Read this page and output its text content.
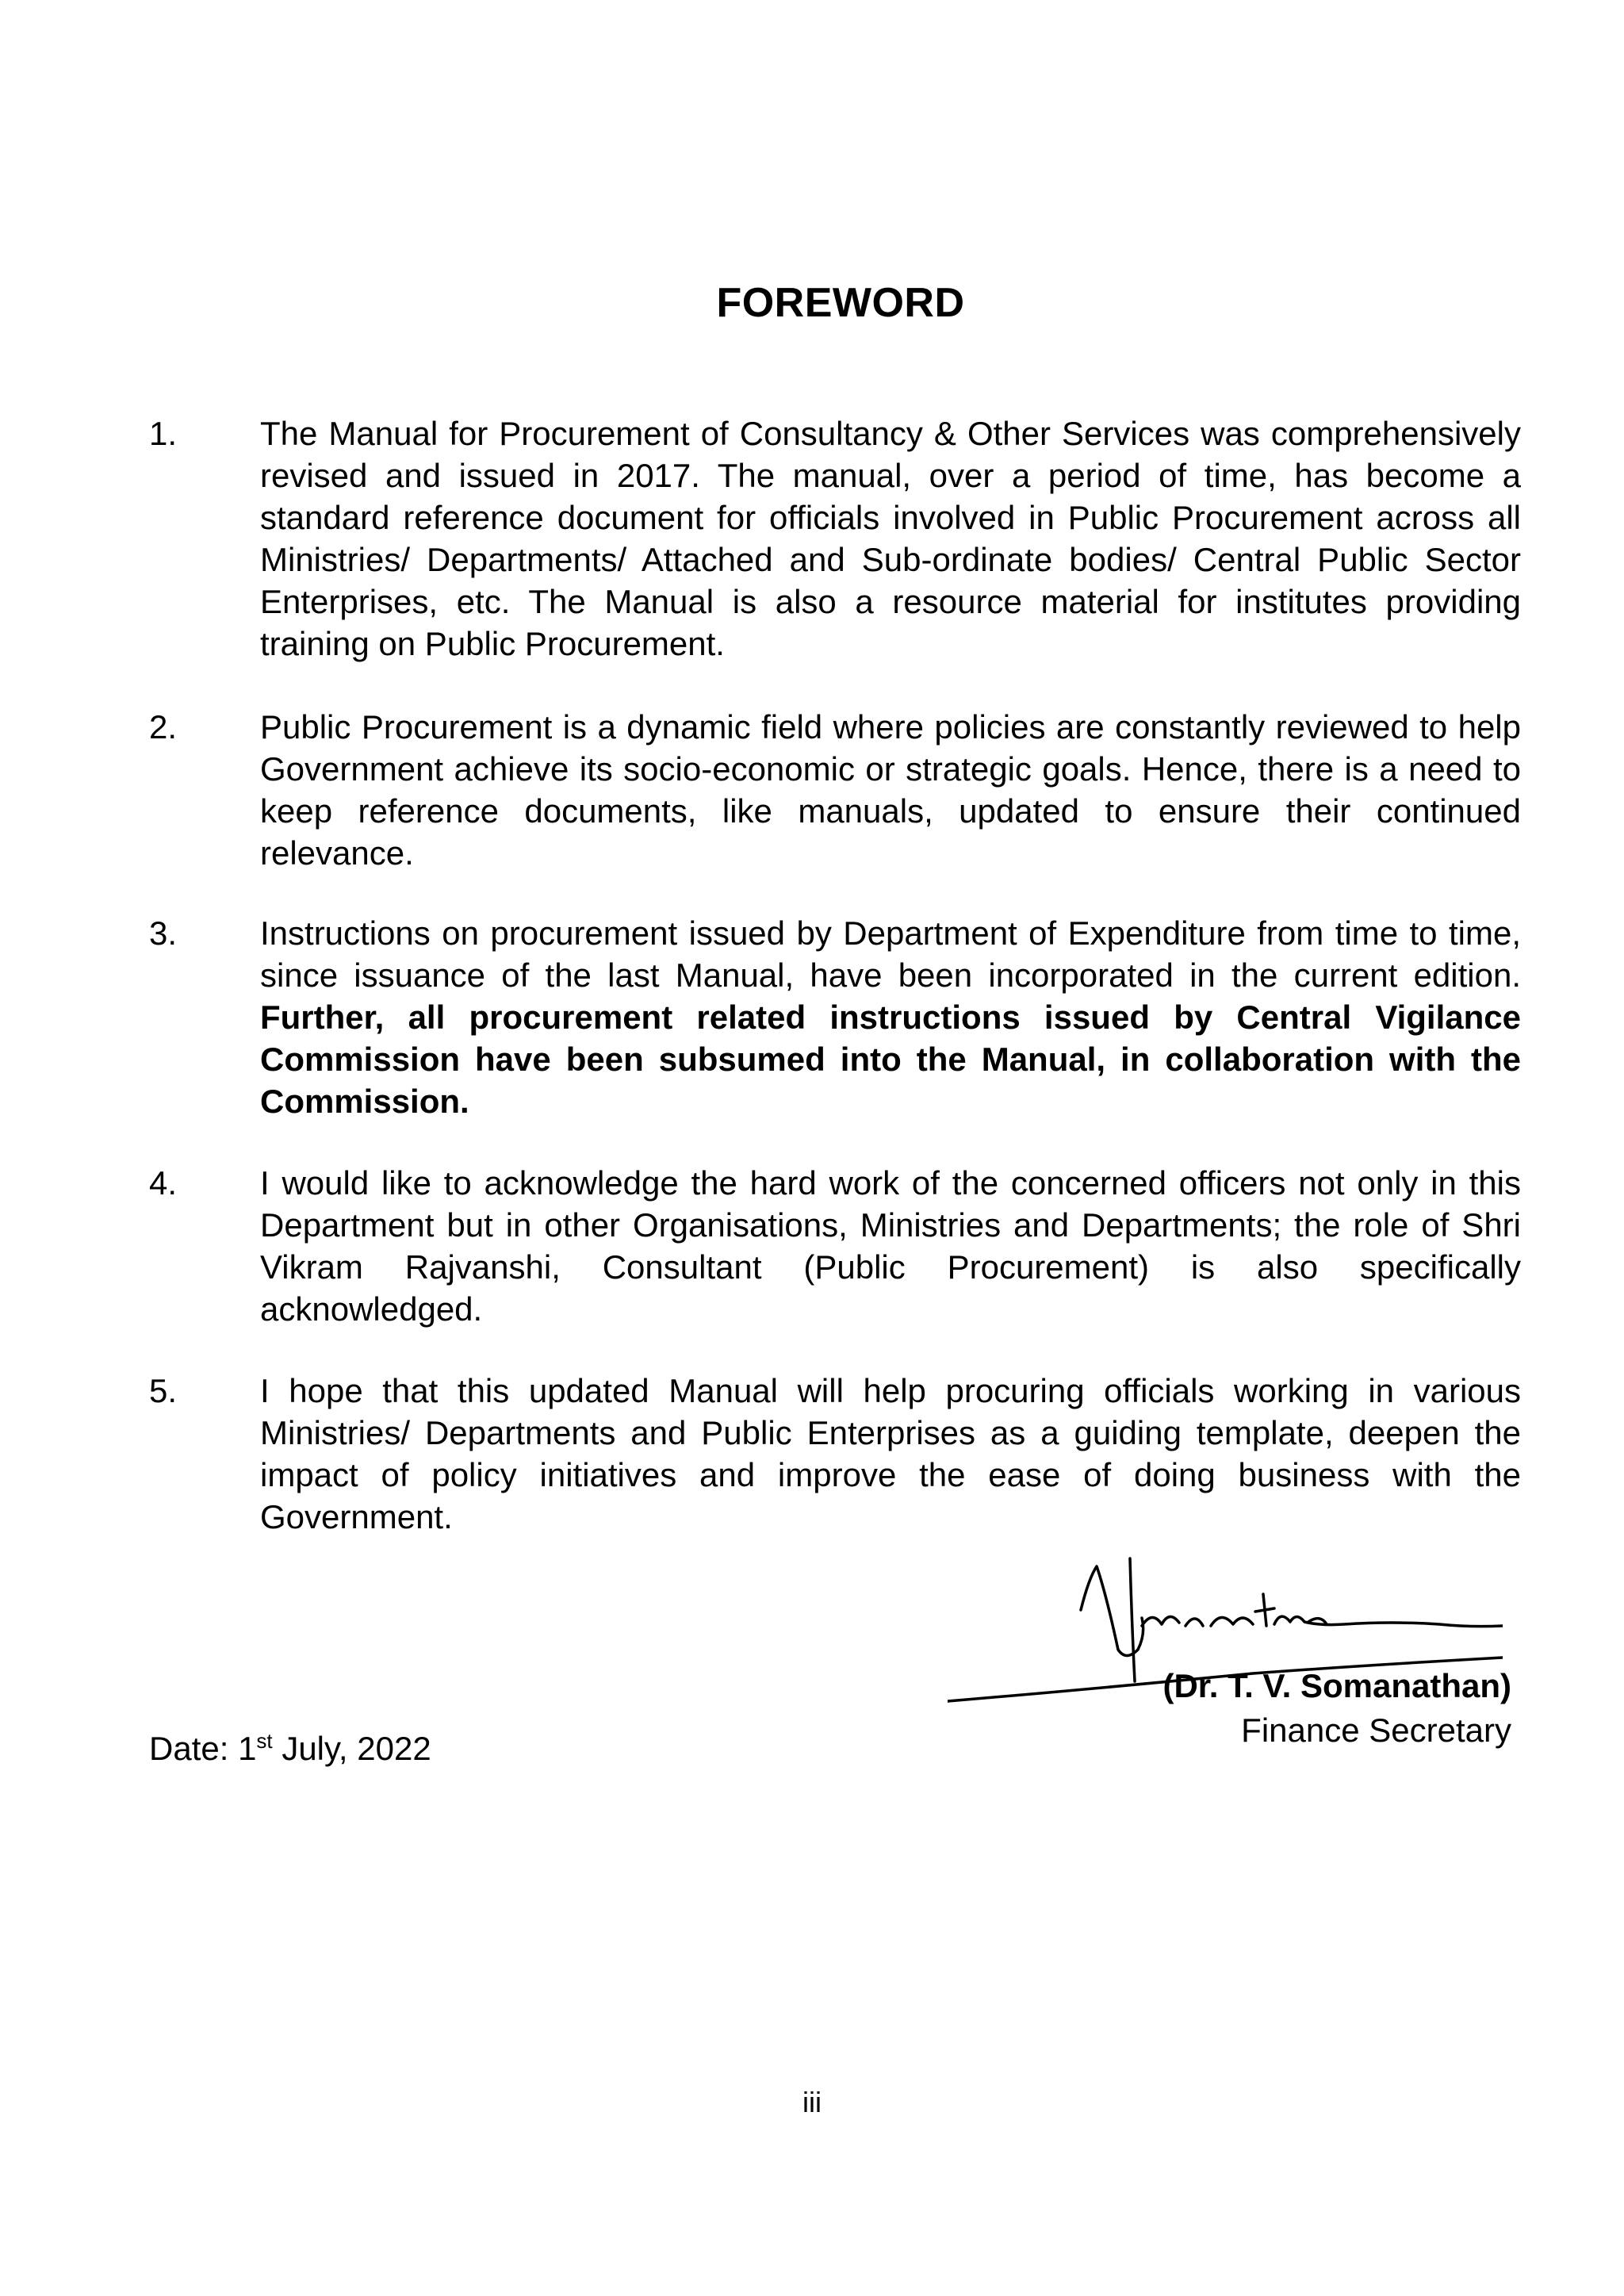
FOREWORD
1.	The Manual for Procurement of Consultancy & Other Services was comprehensively revised and issued in 2017. The manual, over a period of time, has become a standard reference document for officials involved in Public Procurement across all Ministries/ Departments/ Attached and Sub-ordinate bodies/ Central Public Sector Enterprises, etc. The Manual is also a resource material for institutes providing training on Public Procurement.
2.	Public Procurement is a dynamic field where policies are constantly reviewed to help Government achieve its socio-economic or strategic goals. Hence, there is a need to keep reference documents, like manuals, updated to ensure their continued relevance.
3.	Instructions on procurement issued by Department of Expenditure from time to time, since issuance of the last Manual, have been incorporated in the current edition. Further, all procurement related instructions issued by Central Vigilance Commission have been subsumed into the Manual, in collaboration with the Commission.
4.	I would like to acknowledge the hard work of the concerned officers not only in this Department but in other Organisations, Ministries and Departments; the role of Shri Vikram Rajvanshi, Consultant (Public Procurement) is also specifically acknowledged.
5.	I hope that this updated Manual will help procuring officials working in various Ministries/ Departments and Public Enterprises as a guiding template, deepen the impact of policy initiatives and improve the ease of doing business with the Government.
(Dr. T. V. Somanathan)
Finance Secretary
Date: 1st July, 2022
iii
